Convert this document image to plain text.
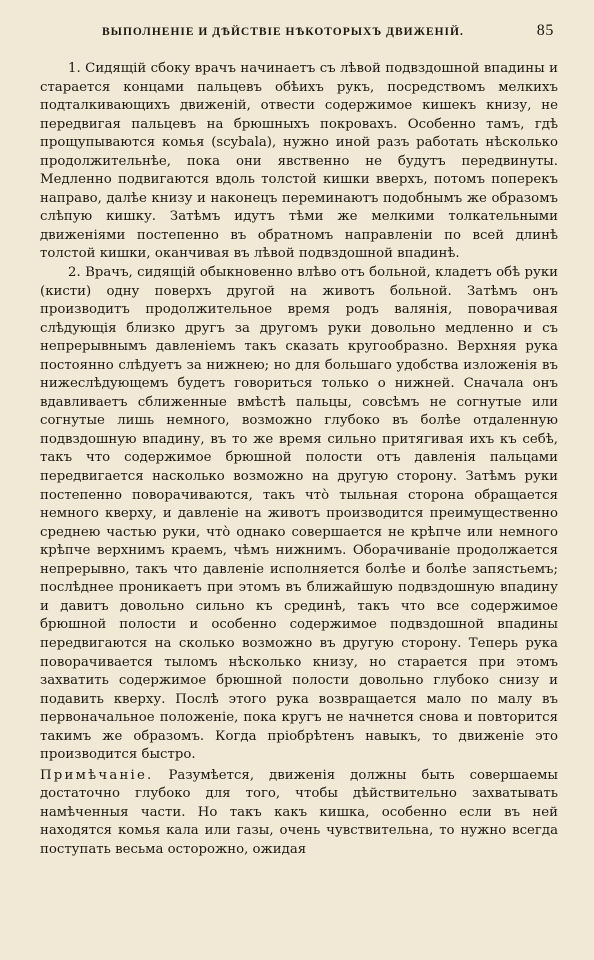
ВЫПОЛНЕНІЕ И ДѢЙСТВІЕ НѢКОТОРЫХЪ ДВИЖЕНІЙ.	85

1. Сидящій сбоку врачъ начинаетъ съ лѣвой подвздошной впадины и старается концами пальцевъ обѣихъ рукъ, посредствомъ мелкихъ подталкивающихъ движеній, отвести содержимое кишекъ книзу, не передвигая пальцевъ на брюшныхъ покровахъ. Особенно тамъ, гдѣ прощупываются комья (scybala), нужно иной разъ работать нѣсколько продолжительнѣе, пока они явственно не будутъ передвинуты. Медленно подвигаются вдоль толстой кишки вверхъ, потомъ поперекъ направо, далѣе книзу и наконецъ переминаютъ подобнымъ же образомъ слѣпую кишку. Затѣмъ идутъ тѣми же мелкими толкательными движеніями постепенно въ обратномъ направленіи по всей длинѣ толстой кишки, оканчивая въ лѣвой подвздошной впадинѣ.

2. Врачъ, сидящій обыкновенно влѣво отъ больной, кладетъ обѣ руки (кисти) одну поверхъ другой на животъ больной. Затѣмъ онъ производитъ продолжительное время родъ валянія, поворачивая слѣдующія близко другъ за другомъ руки довольно медленно и съ непрерывнымъ давленіемъ такъ сказать кругообразно. Верхняя рука постоянно слѣдуетъ за нижнею; но для большаго удобства изложенія въ нижеслѣдующемъ будетъ говориться только о нижней. Сначала онъ вдавливаетъ сближенные вмѣстѣ пальцы, совсѣмъ не согнутые или согнутые лишь немного, возможно глубоко въ болѣе отдаленную подвздошную впадину, въ то же время сильно притягивая ихъ къ себѣ, такъ что содержимое брюшной полости отъ давленія пальцами передвигается насколько возможно на другую сторону. Затѣмъ руки постепенно поворачиваются, такъ что̀ тыльная сторона обращается немного кверху, и давленіе на животъ производится преимущественно среднею частью руки, что̀ однако совершается не крѣпче или немного крѣпче верхнимъ краемъ, чѣмъ нижнимъ. Оборачиваніе продолжается непрерывно, такъ что давленіе исполняется болѣе и болѣе запястьемъ; послѣднее проникаетъ при этомъ въ ближайшую подвздошную впадину и давитъ довольно сильно къ срединѣ, такъ что все содержимое брюшной полости и особенно содержимое подвздошной впадины передвигаются на сколько возможно въ другую сторону. Теперь рука поворачивается тыломъ нѣсколько книзу, но старается при этомъ захватить содержимое брюшной полости довольно глубоко снизу и подавить кверху. Послѣ этого рука возвращается мало по малу въ первоначальное положеніе, пока кругъ не начнется снова и повторится такимъ же образомъ. Когда пріобрѣтенъ навыкъ, то движеніе это производится быстро.

Примѣчаніе. Разумѣется, движенія должны быть совершаемы достаточно глубоко для того, чтобы дѣйствительно захватывать намѣченныя части. Но такъ какъ кишка, особенно если въ ней находятся комья кала или газы, очень чувствительна, то нужно всегда поступать весьма осторожно, ожидая
